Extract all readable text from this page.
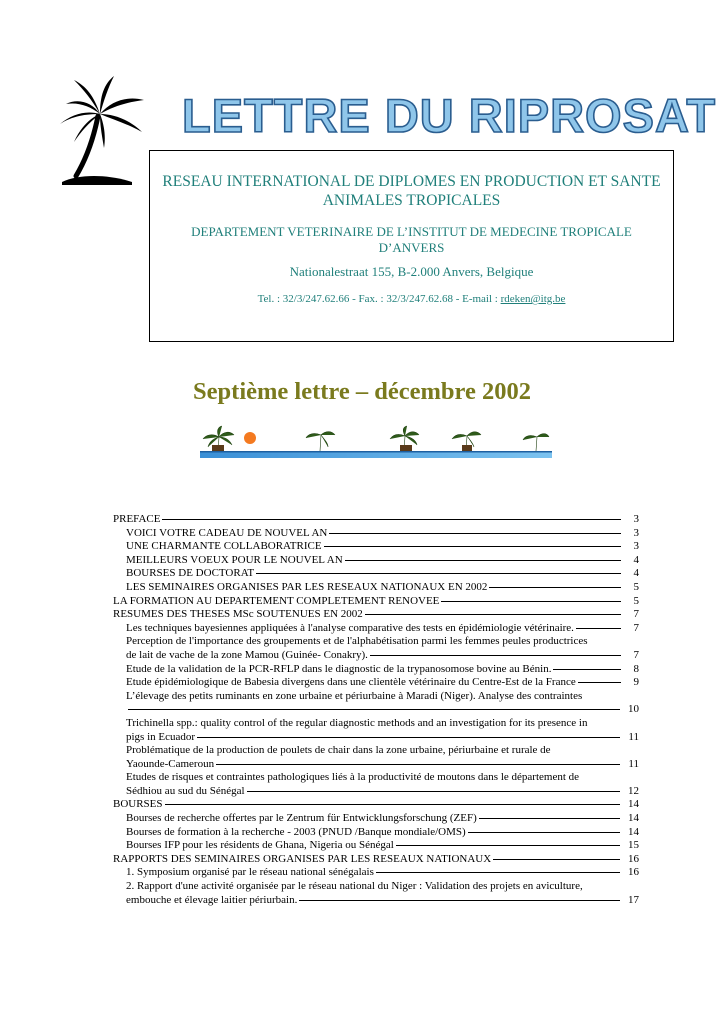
LETTRE DU RIPROSAT
RESEAU INTERNATIONAL DE DIPLOMES EN PRODUCTION ET SANTE ANIMALES TROPICALES
DEPARTEMENT VETERINAIRE DE L’INSTITUT DE MEDECINE TROPICALE D’ANVERS
Nationalestraat 155, B-2.000 Anvers, Belgique
Tel. : 32/3/247.62.66 - Fax. : 32/3/247.62.68 - E-mail : rdeken@itg.be
Septième lettre – décembre 2002
PREFACE	3
VOICI VOTRE CADEAU DE NOUVEL AN	3
UNE CHARMANTE COLLABORATRICE	3
MEILLEURS VOEUX POUR LE NOUVEL AN	4
BOURSES DE DOCTORAT	4
LES SEMINAIRES ORGANISES PAR LES RESEAUX NATIONAUX EN 2002	5
LA FORMATION AU DEPARTEMENT COMPLETEMENT RENOVEE	5
RESUMES DES THESES MSc SOUTENUES EN 2002	7
Les techniques bayesiennes appliquées à l'analyse comparative des tests en épidémiologie vétérinaire.	7
Perception de l'importance des groupements et de l'alphabétisation parmi les femmes peules productrices
de lait de vache de la zone Mamou (Guinée- Conakry).	7
Etude de la validation de la PCR-RFLP dans le diagnostic de la trypanosomose bovine au Bénin.	8
Etude épidémiologique de Babesia divergens dans une clientèle vétérinaire du Centre-Est de la France	9
L’élevage des petits ruminants en zone urbaine et périurbaine à Maradi (Niger). Analyse des contraintes
10
Trichinella spp.: quality control of the regular diagnostic methods and an investigation for its presence in
pigs in Ecuador	11
Problématique de la production de poulets de chair dans la zone urbaine, périurbaine et rurale de
Yaounde-Cameroun	11
Etudes de risques et contraintes pathologiques liés à la productivité de moutons dans le département de
Sédhiou au sud du Sénégal	12
BOURSES	14
Bourses de recherche offertes par le Zentrum für Entwicklungsforschung (ZEF)	14
Bourses de formation à la recherche - 2003 (PNUD /Banque mondiale/OMS)	14
Bourses IFP pour les résidents de Ghana, Nigeria ou Sénégal	15
RAPPORTS DES SEMINAIRES ORGANISES PAR LES RESEAUX NATIONAUX	16
1. Symposium organisé par le réseau national sénégalais	16
2. Rapport d'une activité organisée par le réseau national du Niger : Validation des projets en aviculture,
embouche et élevage laitier périurbain.	17
